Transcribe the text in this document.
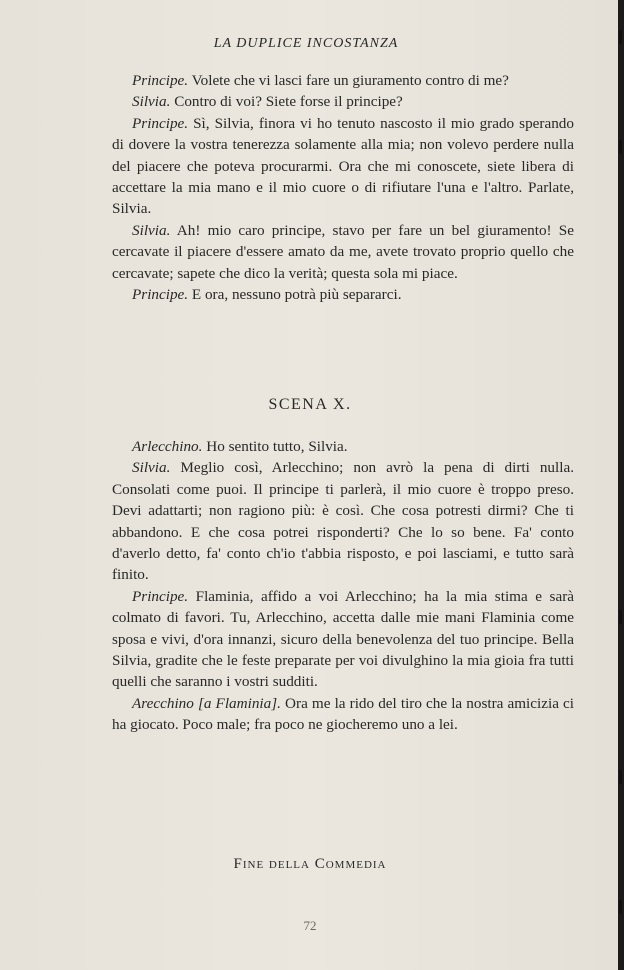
LA DUPLICE INCOSTANZA

Principe. Volete che vi lasci fare un giuramento contro di me?

Silvia. Contro di voi? Siete forse il principe?

Principe. Sì, Silvia, finora vi ho tenuto nascosto il mio grado sperando di dovere la vostra tenerezza solamente alla mia; non volevo perdere nulla del piacere che poteva procurarmi. Ora che mi conoscete, siete libera di accettare la mia mano e il mio cuore o di rifiutare l'una e l'altro. Parlate, Silvia.

Silvia. Ah! mio caro principe, stavo per fare un bel giuramento! Se cercavate il piacere d'essere amato da me, avete trovato proprio quello che cercavate; sapete che dico la verità; questa sola mi piace.

Principe. E ora, nessuno potrà più separarci.

SCENA X.

Arlecchino. Ho sentito tutto, Silvia.

Silvia. Meglio così, Arlecchino; non avrò la pena di dirti nulla. Consolati come puoi. Il principe ti parlerà, il mio cuore è troppo preso. Devi adattarti; non ragiono più: è così. Che cosa potresti dirmi? Che ti abbandono. E che cosa potrei risponderti? Che lo so bene. Fa' conto d'averlo detto, fa' conto ch'io t'abbia risposto, e poi lasciami, e tutto sarà finito.

Principe. Flaminia, affido a voi Arlecchino; ha la mia stima e sarà colmato di favori. Tu, Arlecchino, accetta dalle mie mani Flaminia come sposa e vivi, d'ora innanzi, sicuro della benevolenza del tuo principe. Bella Silvia, gradite che le feste preparate per voi divulghino la mia gioia fra tutti quelli che saranno i vostri sudditi.

Arecchino [a Flaminia]. Ora me la rido del tiro che la nostra amicizia ci ha giocato. Poco male; fra poco ne giocheremo uno a lei.

Fine della Commedia
72
